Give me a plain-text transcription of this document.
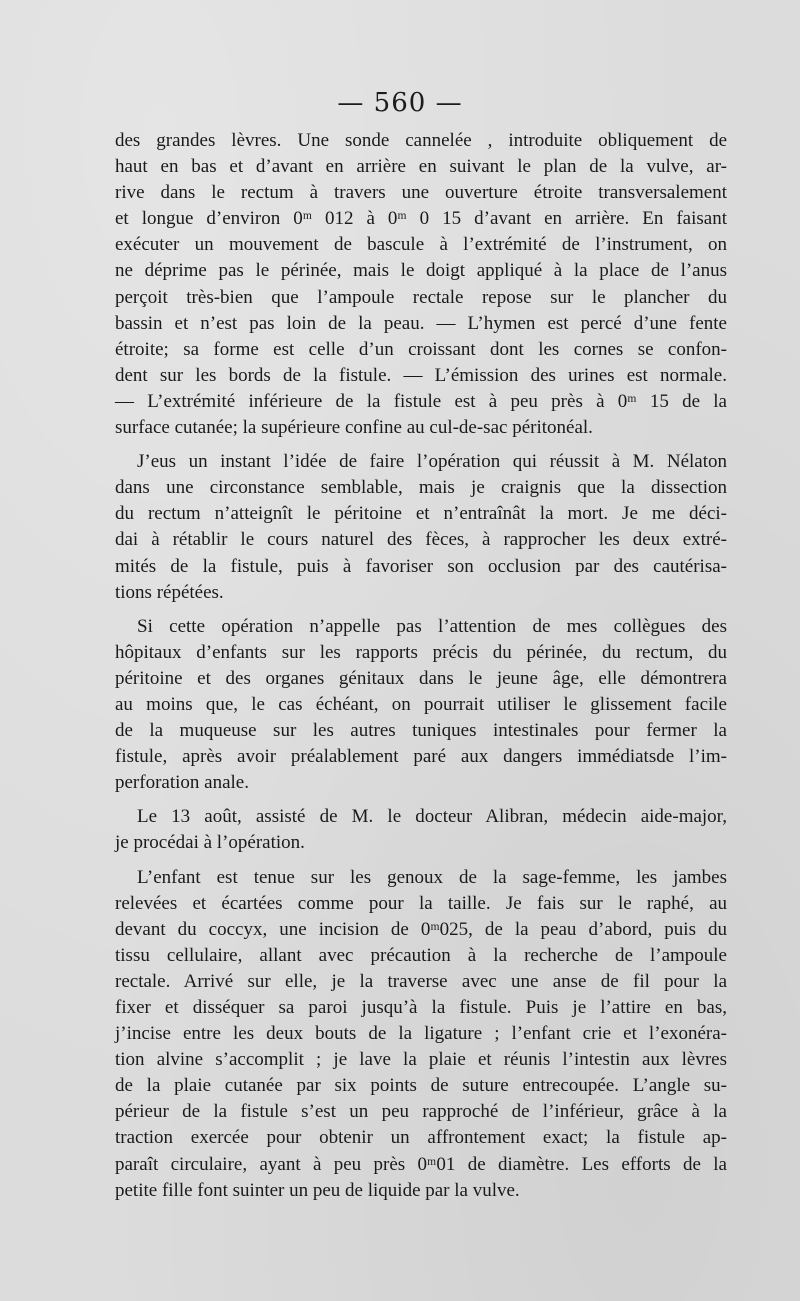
— 560 —
des grandes lèvres. Une sonde cannelée , introduite obliquement de
haut en bas et d’avant en arrière en suivant le plan de la vulve, ar-
rive dans le rectum à travers une ouverture étroite transversalement
et longue d’environ 0ᵐ 012 à 0ᵐ 0 15 d’avant en arrière. En faisant
exécuter un mouvement de bascule à l’extrémité de l’instrument, on
ne déprime pas le périnée, mais le doigt appliqué à la place de l’anus
perçoit très-bien que l’ampoule rectale repose sur le plancher du
bassin et n’est pas loin de la peau. — L’hymen est percé d’une fente
étroite; sa forme est celle d’un croissant dont les cornes se confon-
dent sur les bords de la fistule. — L’émission des urines est normale.
— L’extrémité inférieure de la fistule est à peu près à 0ᵐ 15 de la
surface cutanée; la supérieure confine au cul-de-sac péritonéal.
J’eus un instant l’idée de faire l’opération qui réussit à M. Nélaton
dans une circonstance semblable, mais je craignis que la dissection
du rectum n’atteignît le péritoine et n’entraînât la mort. Je me déci-
dai à rétablir le cours naturel des fèces, à rapprocher les deux extré-
mités de la fistule, puis à favoriser son occlusion par des cautérisa-
tions répétées.
Si cette opération n’appelle pas l’attention de mes collègues des
hôpitaux d’enfants sur les rapports précis du périnée, du rectum, du
péritoine et des organes génitaux dans le jeune âge, elle démontrera
au moins que, le cas échéant, on pourrait utiliser le glissement facile
de la muqueuse sur les autres tuniques intestinales pour fermer la
fistule, après avoir préalablement paré aux dangers immédiatsde l’im-
perforation anale.
Le 13 août, assisté de M. le docteur Alibran, médecin aide-major,
je procédai à l’opération.
L’enfant est tenue sur les genoux de la sage-femme, les jambes
relevées et écartées comme pour la taille. Je fais sur le raphé, au
devant du coccyx, une incision de 0ᵐ025, de la peau d’abord, puis du
tissu cellulaire, allant avec précaution à la recherche de l’ampoule
rectale. Arrivé sur elle, je la traverse avec une anse de fil pour la
fixer et disséquer sa paroi jusqu’à la fistule. Puis je l’attire en bas,
j’incise entre les deux bouts de la ligature ; l’enfant crie et l’exonéra-
tion alvine s’accomplit ; je lave la plaie et réunis l’intestin aux lèvres
de la plaie cutanée par six points de suture entrecoupée. L’angle su-
périeur de la fistule s’est un peu rapproché de l’inférieur, grâce à la
traction exercée pour obtenir un affrontement exact; la fistule ap-
paraît circulaire, ayant à peu près 0ᵐ01 de diamètre. Les efforts de la
petite fille font suinter un peu de liquide par la vulve.
